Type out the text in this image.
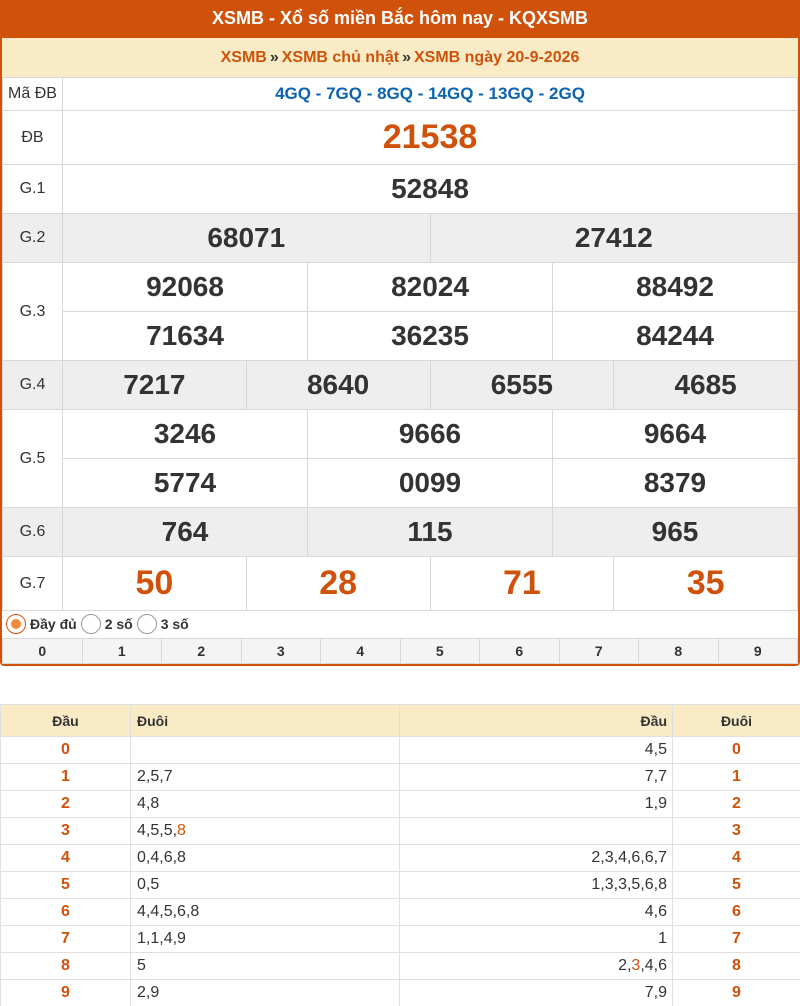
XSMB - Xổ số miền Bắc hôm nay - KQXSMB
XSMB » XSMB chủ nhật » XSMB ngày 20-9-2026
Mã ĐB	4GQ - 7GQ - 8GQ - 14GQ - 13GQ - 2GQ					
ĐB	21538					
G.1	52848					
G.2	68071			27412		
G.3	92068		82024		88492	
	71634		36235		84244	
G.4	7217	8640		6555		4685
G.5	3246		9666		9664	
	5774		0099		8379	
G.6	764		115		965	
G.7	50	28		71		35
Đầy đủ 2 số 3 số
0	1	2	3	4	5	6	7	8	9
Đầu	Đuôi	Đầu	Đuôi
0		4,5	0
1	2,5,7	7,7	1
2	4,8	1,9	2
3	4,5,5,8		3
4	0,4,6,8	2,3,4,6,6,7	4
5	0,5	1,3,3,5,6,8	5
6	4,4,5,6,8	4,6	6
7	1,1,4,9	1	7
8	5	2,3,4,6	8
9	2,9	7,9	9
